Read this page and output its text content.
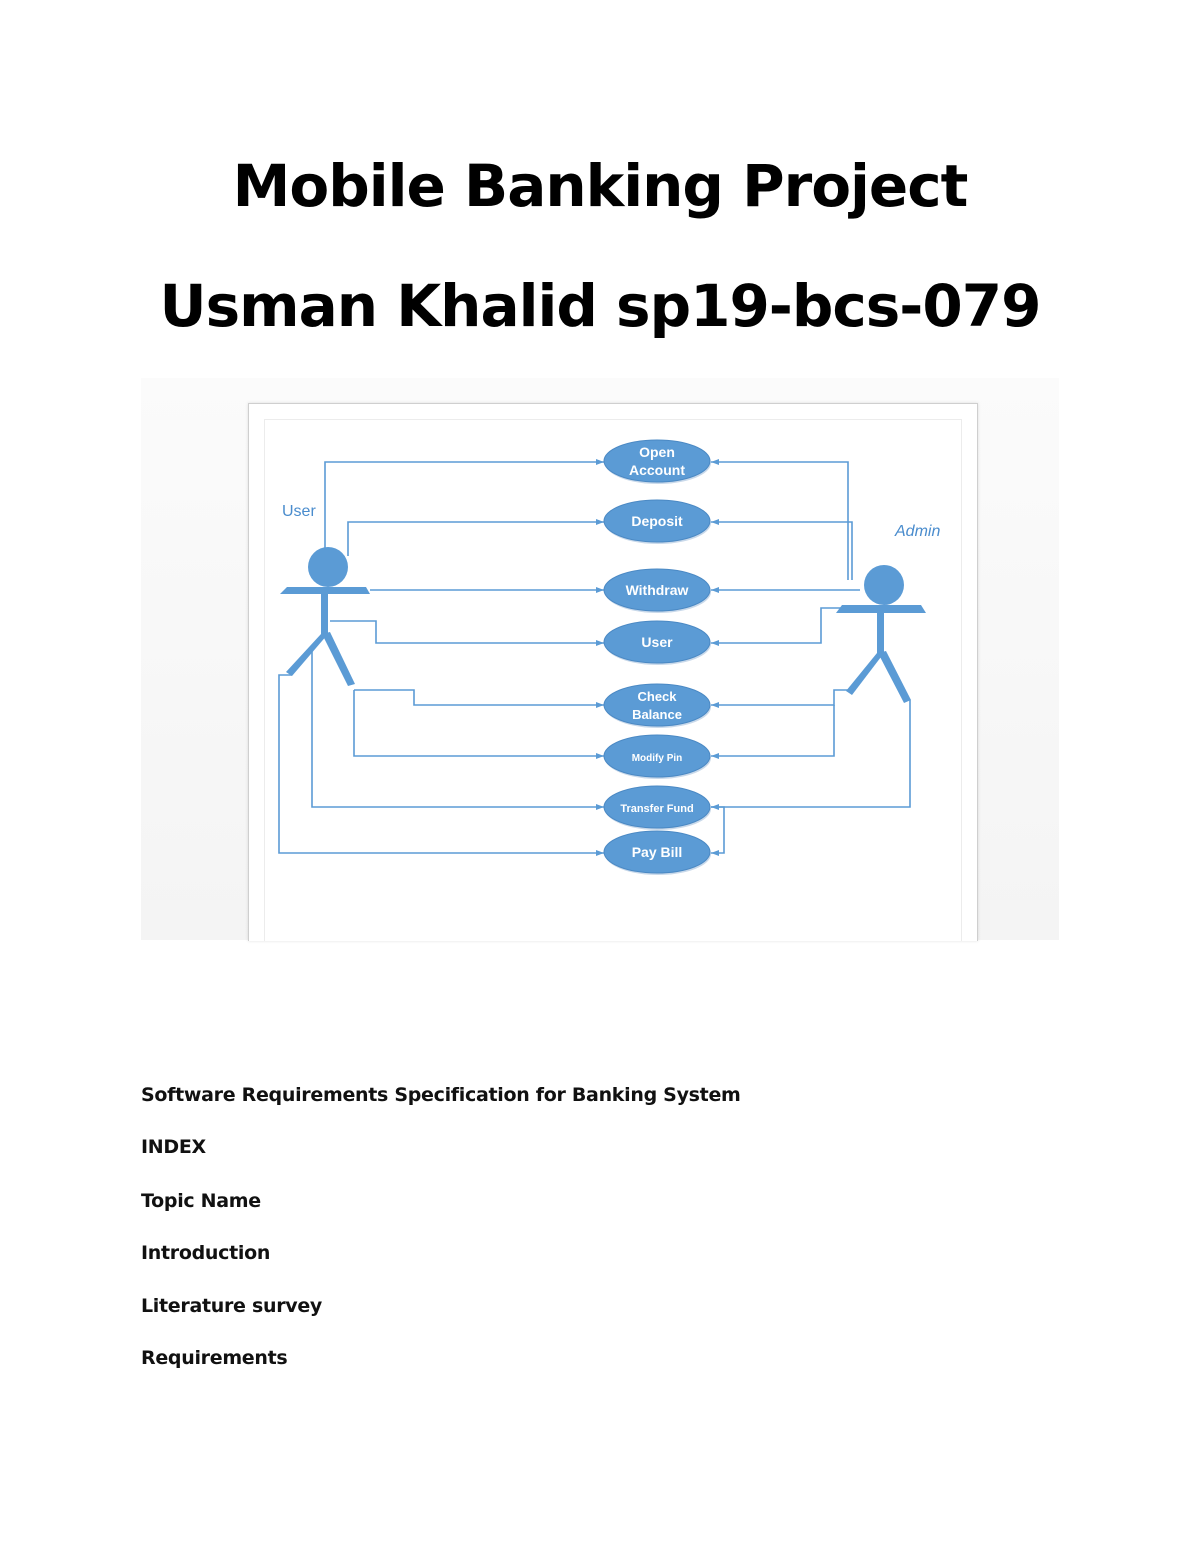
Mobile Banking Project
Usman Khalid sp19-bcs-079
User
Admin
Open Account
Deposit
Withdraw
User
Check Balance
Modify Pin
Transfer Fund
Pay Bill

Software Requirements Specification for Banking System

INDEX

Topic Name

Introduction

Literature survey

Requirements
